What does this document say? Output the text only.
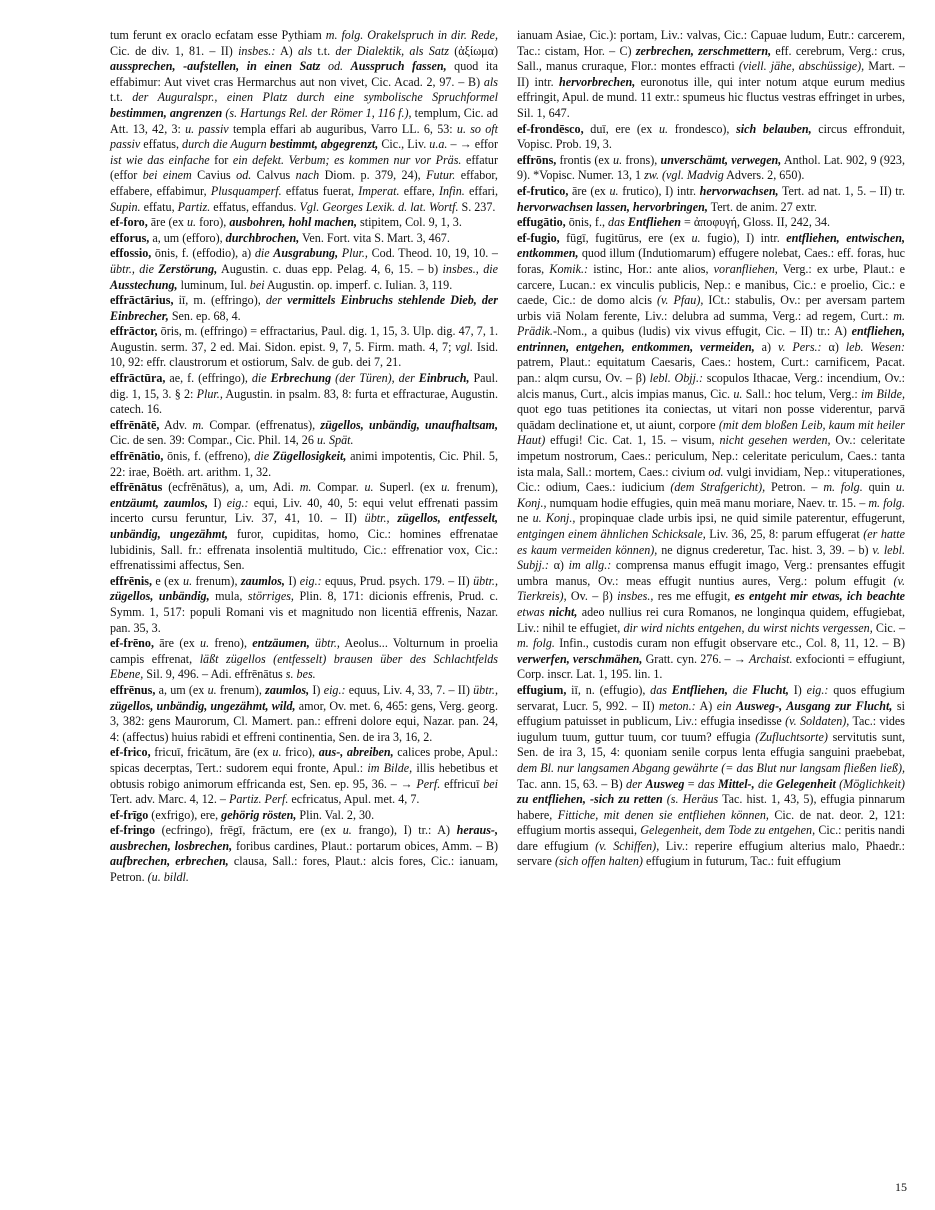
tum ferunt ex oraclo ecfatam esse Pythiam m. folg. Orakelspruch in dir. Rede, Cic. de div. 1, 81. – II) insbes.: A) als t.t. der Dialektik, als Satz (ἀξίωμα) aussprechen, -aufstellen, in einen Satz od. Ausspruch fassen, quod ita effabimur: Aut vivet cras Hermarchus aut non vivet, Cic. Acad. 2, 97. – B) als t.t. der Auguralspr., einen Platz durch eine symbolische Spruchformel bestimmen, angrenzen (s. Hartungs Rel. der Römer 1, 116 f.), templum, Cic. ad Att. 13, 42, 3: u. passiv templa effari ab auguribus, Varro LL. 6, 53: u. so oft passiv effatus, durch die Augurn bestimmt, abgegrenzt, Cic., Liv. u.a. – → effor ist wie das einfache for ein defekt. Verbum; es kommen nur vor Präs. effatur (effor bei einem Cavius od. Calvus nach Diom. p. 379, 24), Futur. effabor, effabere, effabimur, Plusquamperf. effatus fuerat, Imperat. effare, Infin. effari, Supin. effatu, Partiz. effatus, effandus. Vgl. Georges Lexik. d. lat. Wortf. S. 237.

ef-foro, āre (ex u. foro), ausbohren, hohl machen, stipitem, Col. 9, 1, 3.

efforus, a, um (efforo), durchbrochen, Ven. Fort. vita S. Mart. 3, 467.

effossio, ōnis, f. (effodio), a) die Ausgrabung, Plur., Cod. Theod. 10, 19, 10. – übtr., die Zerstörung, Augustin. c. duas epp. Pelag. 4, 6, 15. – b) insbes., die Ausstechung, luminum, Iul. bei Augustin. op. imperf. c. Iulian. 3, 119.

effrāctārius, iī, m. (effringo), der vermittels Einbruchs stehlende Dieb, der Einbrecher, Sen. ep. 68, 4.

effrāctor, ōris, m. (effringo) = effractarius, Paul. dig. 1, 15, 3. Ulp. dig. 47, 7, 1. Augustin. serm. 37, 2 ed. Mai. Sidon. epist. 9, 7, 5. Firm. math. 4, 7; vgl. Isid. 10, 92: effr. claustrorum et ostiorum, Salv. de gub. dei 7, 21.

effrāctūra, ae, f. (effringo), die Erbrechung (der Türen), der Einbruch, Paul. dig. 1, 15, 3. § 2: Plur., Augustin. in psalm. 83, 8: furta et effracturae, Augustin. catech. 16.

effrēnātē, Adv. m. Compar. (effrenatus), zügellos, unbändig, unaufhaltsam, Cic. de sen. 39: Compar., Cic. Phil. 14, 26 u. Spät.

effrēnātio, ōnis, f. (effreno), die Zügellosigkeit, animi impotentis, Cic. Phil. 5, 22: irae, Boëth. art. arithm. 1, 32.

effrēnātus (ecfrēnātus), a, um, Adi. m. Compar. u. Superl. (ex u. frenum), entzäumt, zaumlos, I) eig.: equi, Liv. 40, 40, 5: equi velut effrenati passim incerto cursu feruntur, Liv. 37, 41, 10. – II) übtr., zügellos, entfesselt, unbändig, ungezähmt, furor, cupiditas, homo, Cic.: homines effrenatae lubidinis, Sall. fr.: effrenata insolentiā multitudo, Cic.: effrenatior vox, Cic.: effrenatissimi affectus, Sen.

effrēnis, e (ex u. frenum), zaumlos, I) eig.: equus, Prud. psych. 179. – II) übtr., zügellos, unbändig, mula, störriges, Plin. 8, 171: dicionis effrenis, Prud. c. Symm. 1, 517: populi Romani vis et magnitudo non licentiā effrenis, Nazar. pan. 35, 3.

ef-frēno, āre (ex u. freno), entzäumen, übtr., Aeolus... Volturnum in proelia campis effrenat, läßt zügellos (entfesselt) brausen über des Schlachtfelds Ebene, Sil. 9, 496. – Adi. effrēnātus s. bes.

effrēnus, a, um (ex u. frenum), zaumlos, I) eig.: equus, Liv. 4, 33, 7. – II) übtr., zügellos, unbändig, ungezähmt, wild, amor, Ov. met. 6, 465: gens, Verg. georg. 3, 382: gens Maurorum, Cl. Mamert. pan.: effreni dolore equi, Nazar. pan. 24, 4: (affectus) huius rabidi et effreni continentia, Sen. de ira 3, 16, 2.

ef-frico, fricuī, fricātum, āre (ex u. frico), aus-, abreiben, calices probe, Apul.: spicas decerptas, Tert.: sudorem equi fronte, Apul.: im Bilde, illis hebetibus et obtusis robigo animorum effricanda est, Sen. ep. 95, 36. – → Perf. effricuī bei Tert. adv. Marc. 4, 12. – Partiz. Perf. ecfricatus, Apul. met. 4, 7.

ef-frīgo (exfrigo), ere, gehörig rösten, Plin. Val. 2, 30.

ef-fringo (ecfringo), frēgī, frāctum, ere (ex u. frango), I) tr.: A) heraus-, ausbrechen, losbrechen, foribus cardines, Plaut.: portarum obices, Amm. – B) aufbrechen, erbrechen, clausa, Sall.: fores, Plaut.: alcis fores, Cic.: ianuam, Petron. (u. bildl.

ianuam Asiae, Cic.): portam, Liv.: valvas, Cic.: Capuae ludum, Eutr.: carcerem, Tac.: cistam, Hor. – C) zerbrechen, zerschmettern, eff. cerebrum, Verg.: crus, Sall., manus cruraque, Flor.: montes effracti (viell. jähe, abschüssige), Mart. – II) intr. hervorbrechen, euronotus ille, qui inter notum atque eurum medius effringit, Apul. de mund. 11 extr.: spumeus hic fluctus vestras effringet in urbes, Sil. 1, 647.

ef-frondēsco, duī, ere (ex u. frondesco), sich belauben, circus effronduit, Vopisc. Prob. 19, 3.

effrōns, frontis (ex u. frons), unverschämt, verwegen, Anthol. Lat. 902, 9 (923, 9). *Vopisc. Numer. 13, 1 zw. (vgl. Madvig Advers. 2, 650).

ef-frutico, āre (ex u. frutico), I) intr. hervorwachsen, Tert. ad nat. 1, 5. – II) tr. hervorwachsen lassen, hervorbringen, Tert. de anim. 27 extr.

effugātio, ōnis, f., das Entfliehen = ἀποφυγή, Gloss. II, 242, 34.

ef-fugio, fūgī, fugitūrus, ere (ex u. fugio), I) intr. entfliehen, entwischen, entkommen, quod illum (Indutiomarum) effugere nolebat, Caes.: eff. foras, huc foras, Komik.: istinc, Hor.: ante alios, voranfliehen, Verg.: ex urbe, Plaut.: e carcere, Lucan.: ex vinculis publicis, Nep.: e manibus, Cic.: e proelio, Cic.: e caede, Cic.: de domo alcis (v. Pfau), ICt.: stabulis, Ov.: per aversam partem urbis viā Nolam ferente, Liv.: delubra ad summa, Verg.: ad regem, Curt.: m. Prädik.-Nom., a quibus (ludis) vix vivus effugit, Cic. – II) tr.: A) entfliehen, entrinnen, entgehen, entkommen, vermeiden, a) v. Pers.: α) leb. Wesen: patrem, Plaut.: equitatum Caesaris, Caes.: hostem, Curt.: carnificem, Pacat. pan.: alqm cursu, Ov. – β) lebl. Objj.: scopulos Ithacae, Verg.: incendium, Ov.: alcis manus, Curt., alcis impias manus, Cic. u. Sall.: hoc telum, Verg.: im Bilde, quot ego tuas petitiones ita coniectas, ut vitari non posse viderentur, parvā quādam declinatione et, ut aiunt, corpore (mit dem bloßen Leib, kaum mit heiler Haut) effugi! Cic. Cat. 1, 15. – visum, nicht gesehen werden, Ov.: celeritate impetum nostrorum, Caes.: periculum, Nep.: celeritate periculum, Caes.: tanta ista mala, Sall.: mortem, Caes.: civium od. vulgi invidiam, Nep.: vituperationes, Cic.: odium, Caes.: iudicium (dem Strafgericht), Petron. – m. folg. quin u. Konj., numquam hodie effugies, quin meā manu moriare, Naev. tr. 15. – m. folg. ne u. Konj., propinquae clade urbis ipsi, ne quid simile paterentur, effugerunt, entgingen einem ähnlichen Schicksale, Liv. 36, 25, 8: parum effugerat (er hatte es kaum vermeiden können), ne dignus crederetur, Tac. hist. 3, 39. – b) v. lebl. Subjj.: α) im allg.: comprensa manus effugit imago, Verg.: prensantes effugit umbra manus, Ov.: meas effugit nuntius aures, Verg.: polum effugit (v. Tierkreis), Ov. – β) insbes., res me effugit, es entgeht mir etwas, ich beachte etwas nicht, adeo nullius rei cura Romanos, ne longinqua quidem, effugiebat, Liv.: nihil te effugiet, dir wird nichts entgehen, du wirst nichts vergessen, Cic. – m. folg. Infin., custodis curam non effugit observare etc., Col. 8, 11, 12. – B) verwerfen, verschmähen, Gratt. cyn. 276. – → Archaist. exfocionti = effugiunt, Corp. inscr. Lat. 1, 195. lin. 1.

effugium, iī, n. (effugio), das Entfliehen, die Flucht, I) eig.: quos effugium servarat, Lucr. 5, 992. – II) meton.: A) ein Ausweg-, Ausgang zur Flucht, si effugium patuisset in publicum, Liv.: effugia insedisse (v. Soldaten), Tac.: vides iugulum tuum, guttur tuum, cor tuum? effugia (Zufluchtsorte) servitutis sunt, Sen. de ira 3, 15, 4: quoniam senile corpus lenta effugia sanguini praebebat, dem Bl. nur langsamen Abgang gewährte (= das Blut nur langsam fließen ließ), Tac. ann. 15, 63. – B) der Ausweg = das Mittel-, die Gelegenheit (Möglichkeit) zu entfliehen, -sich zu retten (s. Heräus Tac. hist. 1, 43, 5), effugia pinnarum habere, Fittiche, mit denen sie entfliehen können, Cic. de nat. deor. 2, 121: effugium mortis assequi, Gelegenheit, dem Tode zu entgehen, Cic.: peritis nandi dare effugium (v. Schiffen), Liv.: reperire effugium alterius malo, Phaedr.: servare (sich offen halten) effugium in futurum, Tac.: fuit effugium

15
